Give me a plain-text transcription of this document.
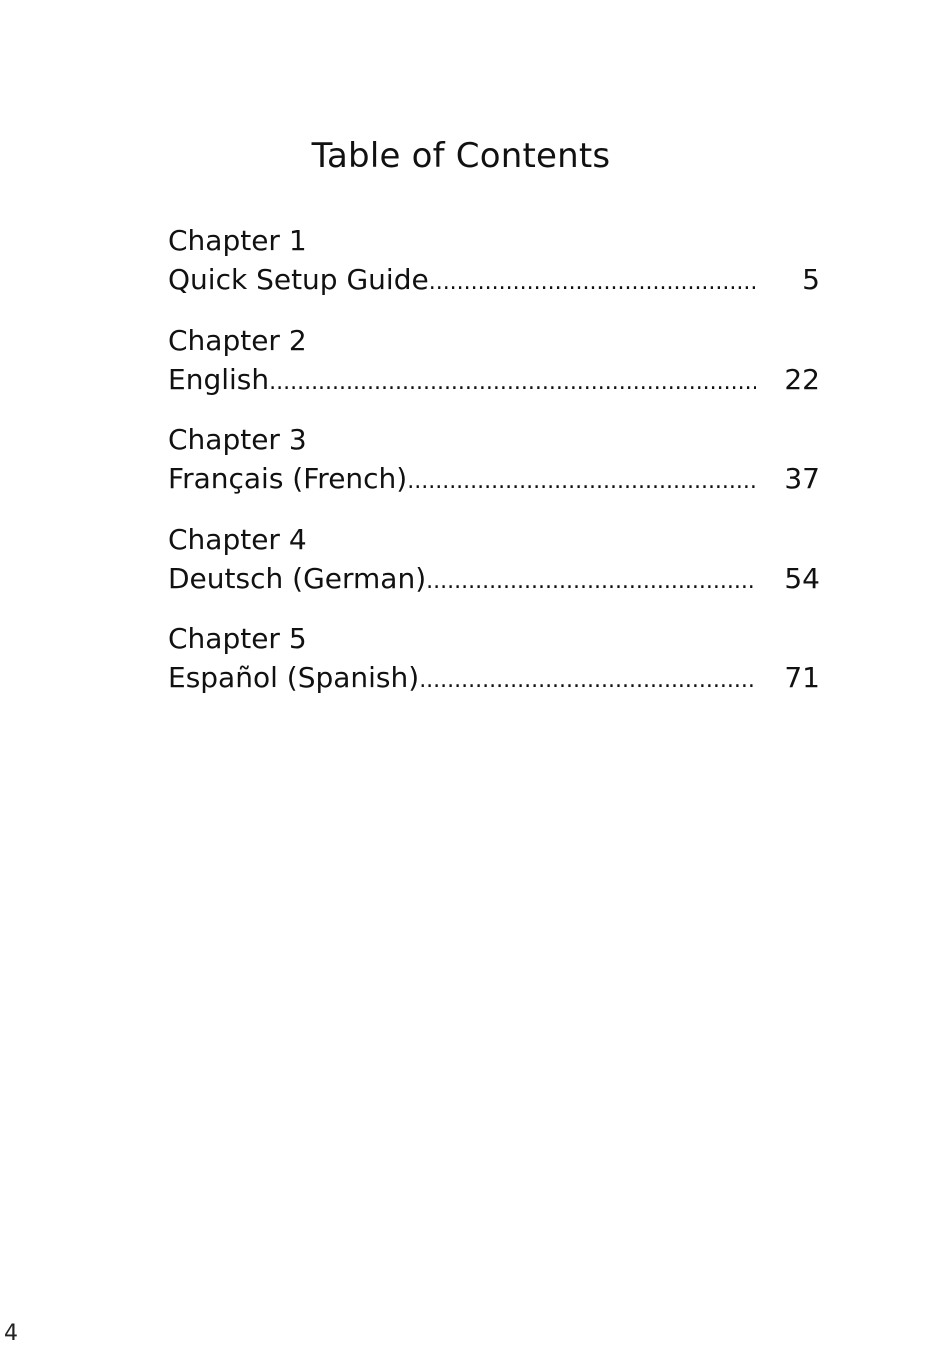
Table of Contents
Chapter 1
Quick Setup Guide .....	5
Chapter 2
English .....	22
Chapter 3
Français (French) .....	37
Chapter 4
Deutsch (German) .....	54
Chapter 5
Español (Spanish) .....	71
4
